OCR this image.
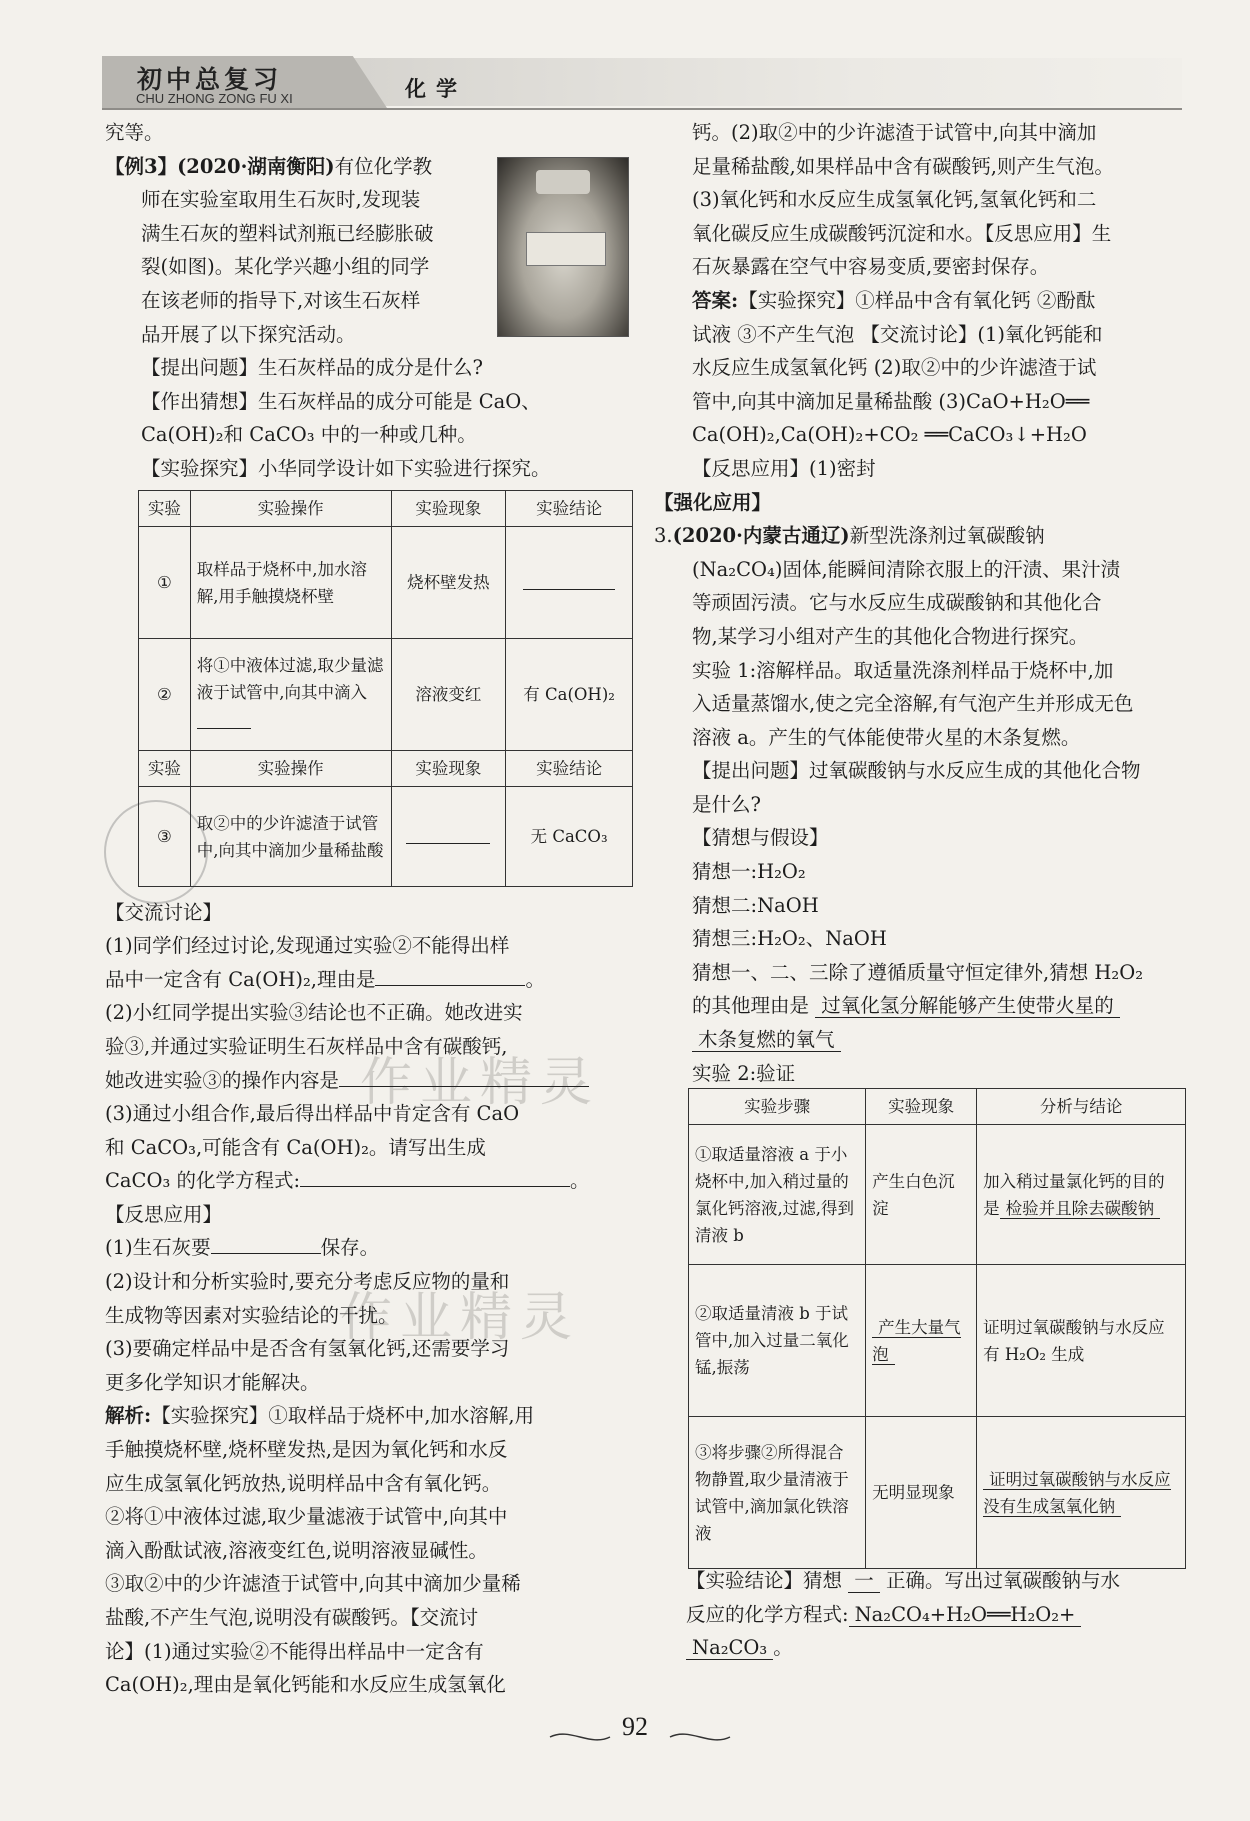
初中总复习
CHU ZHONG ZONG FU XI	化学
作业精灵
作业精灵

究等。

【例3】(2020·湖南衡阳)有位化学教

师在实验室取用生石灰时,发现装

满生石灰的塑料试剂瓶已经膨胀破

裂(如图)。某化学兴趣小组的同学

在该老师的指导下,对该生石灰样

品开展了以下探究活动。

【提出问题】生石灰样品的成分是什么?

【作出猜想】生石灰样品的成分可能是 CaO、

Ca(OH)₂和 CaCO₃ 中的一种或几种。

【实验探究】小华同学设计如下实验进行探究。

【交流讨论】

(1)同学们经过讨论,发现通过实验②不能得出样

品中一定含有 Ca(OH)₂,理由是	。

(2)小红同学提出实验③结论也不正确。她改进实

验③,并通过实验证明生石灰样品中含有碳酸钙,

她改进实验③的操作内容是

(3)通过小组合作,最后得出样品中肯定含有 CaO

和 CaCO₃,可能含有 Ca(OH)₂。请写出生成

CaCO₃ 的化学方程式:	。

【反思应用】

(1)生石灰要	保存。

(2)设计和分析实验时,要充分考虑反应物的量和

生成物等因素对实验结论的干扰。

(3)要确定样品中是否含有氢氧化钙,还需要学习

更多化学知识才能解决。

解析:【实验探究】①取样品于烧杯中,加水溶解,用

手触摸烧杯壁,烧杯壁发热,是因为氧化钙和水反

应生成氢氧化钙放热,说明样品中含有氧化钙。

②将①中液体过滤,取少量滤液于试管中,向其中

滴入酚酞试液,溶液变红色,说明溶液显碱性。

③取②中的少许滤渣于试管中,向其中滴加少量稀

盐酸,不产生气泡,说明没有碳酸钙。【交流讨

论】(1)通过实验②不能得出样品中一定含有

Ca(OH)₂,理由是氧化钙能和水反应生成氢氧化

实验	实验操作	实验现象	实验结论
①	取样品于烧杯中,加水溶解,用手触摸烧杯壁	烧杯壁发热	
②	将①中液体过滤,取少量滤液于试管中,向其中滴入	溶液变红	有 Ca(OH)₂
实验	实验操作	实验现象	实验结论
③	取②中的少许滤渣于试管中,向其中滴加少量稀盐酸		无 CaCO₃

钙。(2)取②中的少许滤渣于试管中,向其中滴加

足量稀盐酸,如果样品中含有碳酸钙,则产生气泡。

(3)氧化钙和水反应生成氢氧化钙,氢氧化钙和二

氧化碳反应生成碳酸钙沉淀和水。【反思应用】生

石灰暴露在空气中容易变质,要密封保存。

答案:【实验探究】①样品中含有氧化钙 ②酚酞

试液 ③不产生气泡 【交流讨论】(1)氧化钙能和

水反应生成氢氧化钙 (2)取②中的少许滤渣于试

管中,向其中滴加足量稀盐酸 (3)CaO+H₂O══

Ca(OH)₂,Ca(OH)₂+CO₂ ══CaCO₃↓+H₂O

【反思应用】(1)密封

【强化应用】

3.(2020·内蒙古通辽)新型洗涤剂过氧碳酸钠

(Na₂CO₄)固体,能瞬间清除衣服上的汗渍、果汁渍

等顽固污渍。它与水反应生成碳酸钠和其他化合

物,某学习小组对产生的其他化合物进行探究。

实验 1:溶解样品。取适量洗涤剂样品于烧杯中,加

入适量蒸馏水,使之完全溶解,有气泡产生并形成无色

溶液 a。产生的气体能使带火星的木条复燃。

【提出问题】过氧碳酸钠与水反应生成的其他化合物

是什么?

【猜想与假设】

猜想一:H₂O₂

猜想二:NaOH

猜想三:H₂O₂、NaOH

猜想一、二、三除了遵循质量守恒定律外,猜想 H₂O₂

的其他理由是 过氧化氢分解能够产生使带火星的

木条复燃的氧气

实验 2:验证

【实验结论】猜想 一 正确。写出过氧碳酸钠与水

反应的化学方程式: Na₂CO₄+H₂O══H₂O₂+

Na₂CO₃ 。

实验步骤	实验现象	分析与结论
①取适量溶液 a 于小烧杯中,加入稍过量的氯化钙溶液,过滤,得到清液 b	产生白色沉淀	加入稍过量氯化钙的目的是 检验并且除去碳酸钠
②取适量清液 b 于试管中,加入过量二氧化锰,振荡	产生大量气泡	证明过氧碳酸钠与水反应有 H₂O₂ 生成
③将步骤②所得混合物静置,取少量清液于试管中,滴加氯化铁溶液	无明显现象	证明过氧碳酸钠与水反应没有生成氢氧化钠
92
